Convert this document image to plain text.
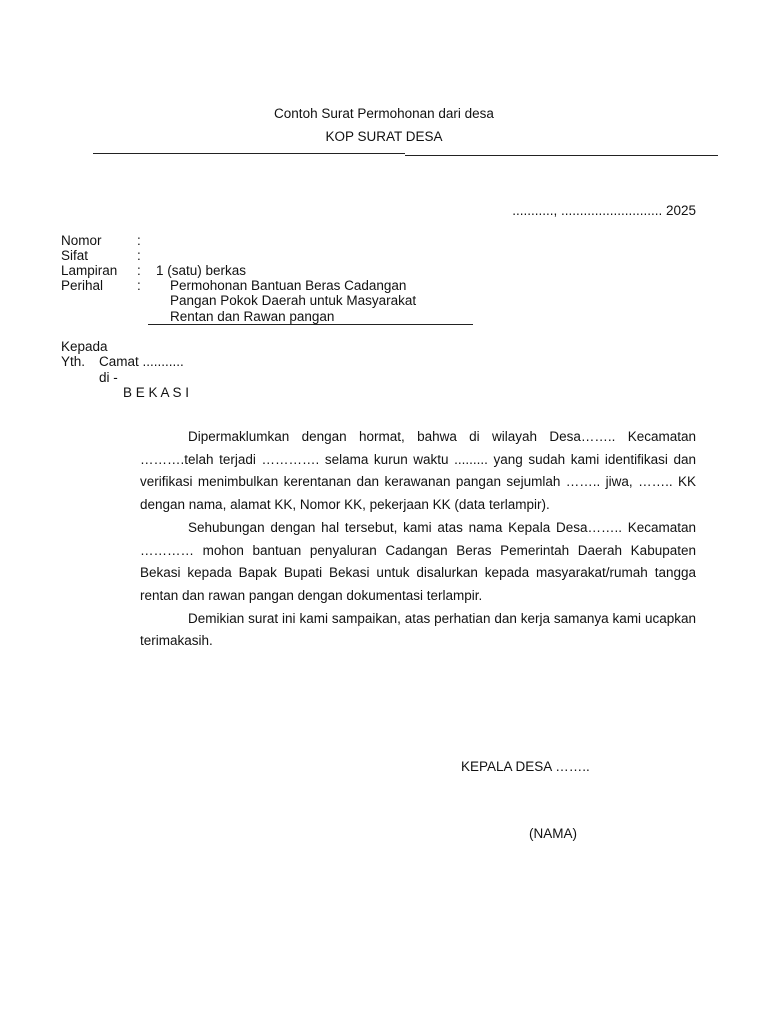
Contoh Surat Permohonan dari desa
KOP SURAT DESA
..........., ........................... 2025
Nomor	:
Sifat	:
Lampiran : 1 (satu) berkas
Perihal	: Permohonan Bantuan Beras Cadangan
Pangan Pokok Daerah untuk Masyarakat
Rentan dan Rawan pangan
Kepada
Yth. Camat ...........
di -
B E K A S I

Dipermaklumkan dengan hormat, bahwa di wilayah Desa…….. Kecamatan ……….telah terjadi …………. selama kurun waktu ......... yang sudah kami identifikasi dan verifikasi menimbulkan kerentanan dan kerawanan pangan sejumlah …….. jiwa, …….. KK dengan nama, alamat KK, Nomor KK, pekerjaan KK (data terlampir).

Sehubungan dengan hal tersebut, kami atas nama Kepala Desa…….. Kecamatan ………… mohon bantuan penyaluran Cadangan Beras Pemerintah Daerah Kabupaten Bekasi kepada Bapak Bupati Bekasi untuk disalurkan kepada masyarakat/rumah tangga rentan dan rawan pangan dengan dokumentasi terlampir.

Demikian surat ini kami sampaikan, atas perhatian dan kerja samanya kami ucapkan terimakasih.

KEPALA DESA ……..
(NAMA)
